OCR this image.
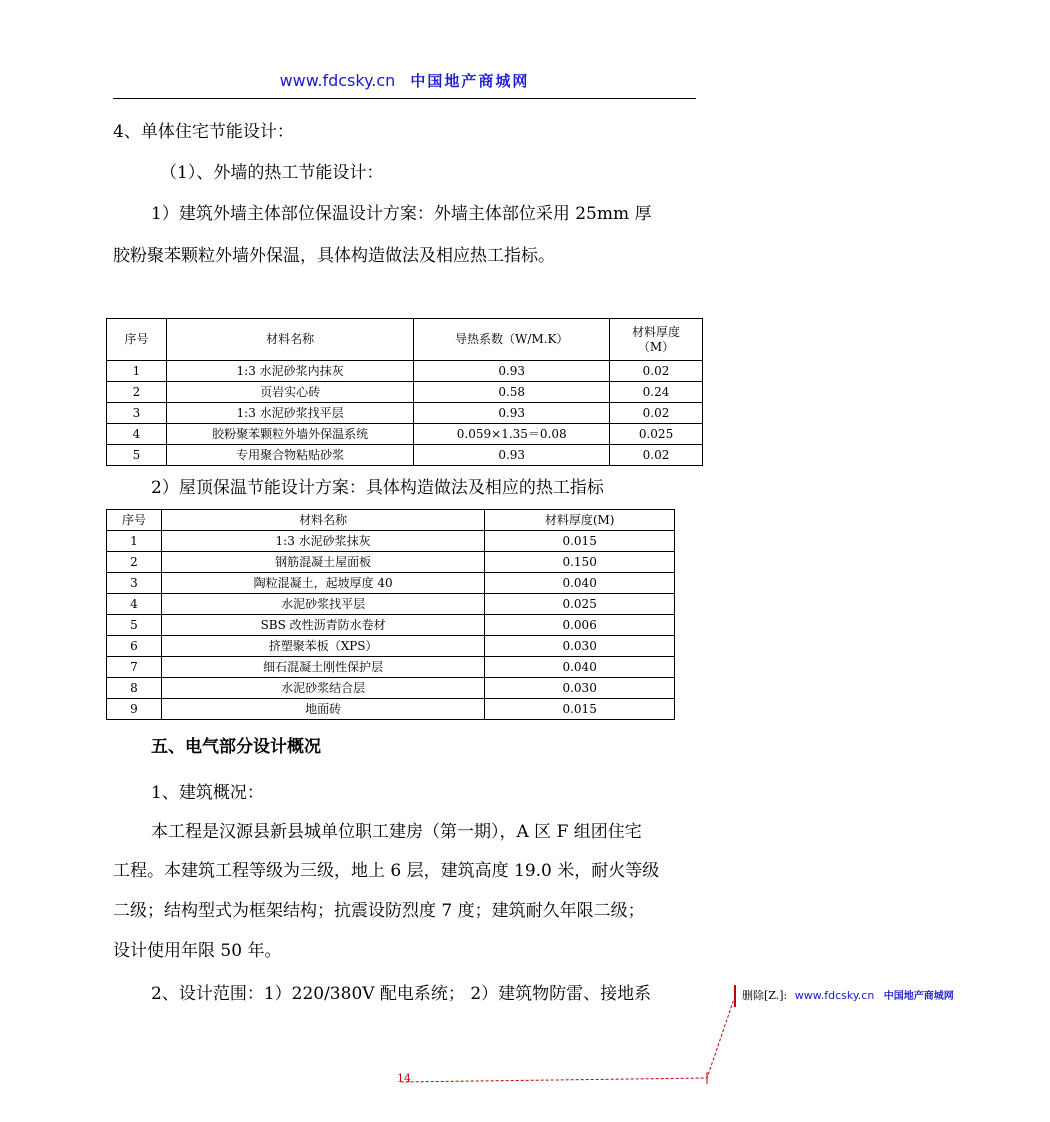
www.fdcsky.cn 中国地产商城网
4、单体住宅节能设计：
（1）、外墙的热工节能设计：
1）建筑外墙主体部位保温设计方案：外墙主体部位采用 25mm 厚
胶粉聚苯颗粒外墙外保温，具体构造做法及相应热工指标。
序号	材料名称	导热系数（W/M.K）	材料厚度（M）
1	1:3 水泥砂浆内抹灰	0.93	0.02
2	页岩实心砖	0.58	0.24
3	1:3 水泥砂浆找平层	0.93	0.02
4	胶粉聚苯颗粒外墙外保温系统	0.059×1.35＝0.08	0.025
5	专用聚合物粘贴砂浆	0.93	0.02
2）屋顶保温节能设计方案：具体构造做法及相应的热工指标
序号	材料名称	材料厚度(M)
1	1:3 水泥砂浆抹灰	0.015
2	钢筋混凝土屋面板	0.150
3	陶粒混凝土，起坡厚度 40	0.040
4	水泥砂浆找平层	0.025
5	SBS 改性沥青防水卷材	0.006
6	挤塑聚苯板（XPS）	0.030
7	细石混凝土刚性保护层	0.040
8	水泥砂浆结合层	0.030
9	地面砖	0.015
五、电气部分设计概况
1、建筑概况：
本工程是汉源县新县城单位职工建房（第一期），A 区 F 组团住宅
工程。本建筑工程等级为三级，地上 6 层，建筑高度 19.0 米，耐火等级
二级；结构型式为框架结构；抗震设防烈度 7 度；建筑耐久年限二级；
设计使用年限 50 年。
2、设计范围：1）220/380V 配电系统； 2）建筑物防雷、接地系	删除[Z.]: www.fdcsky.cn 中国地产商城网
14
